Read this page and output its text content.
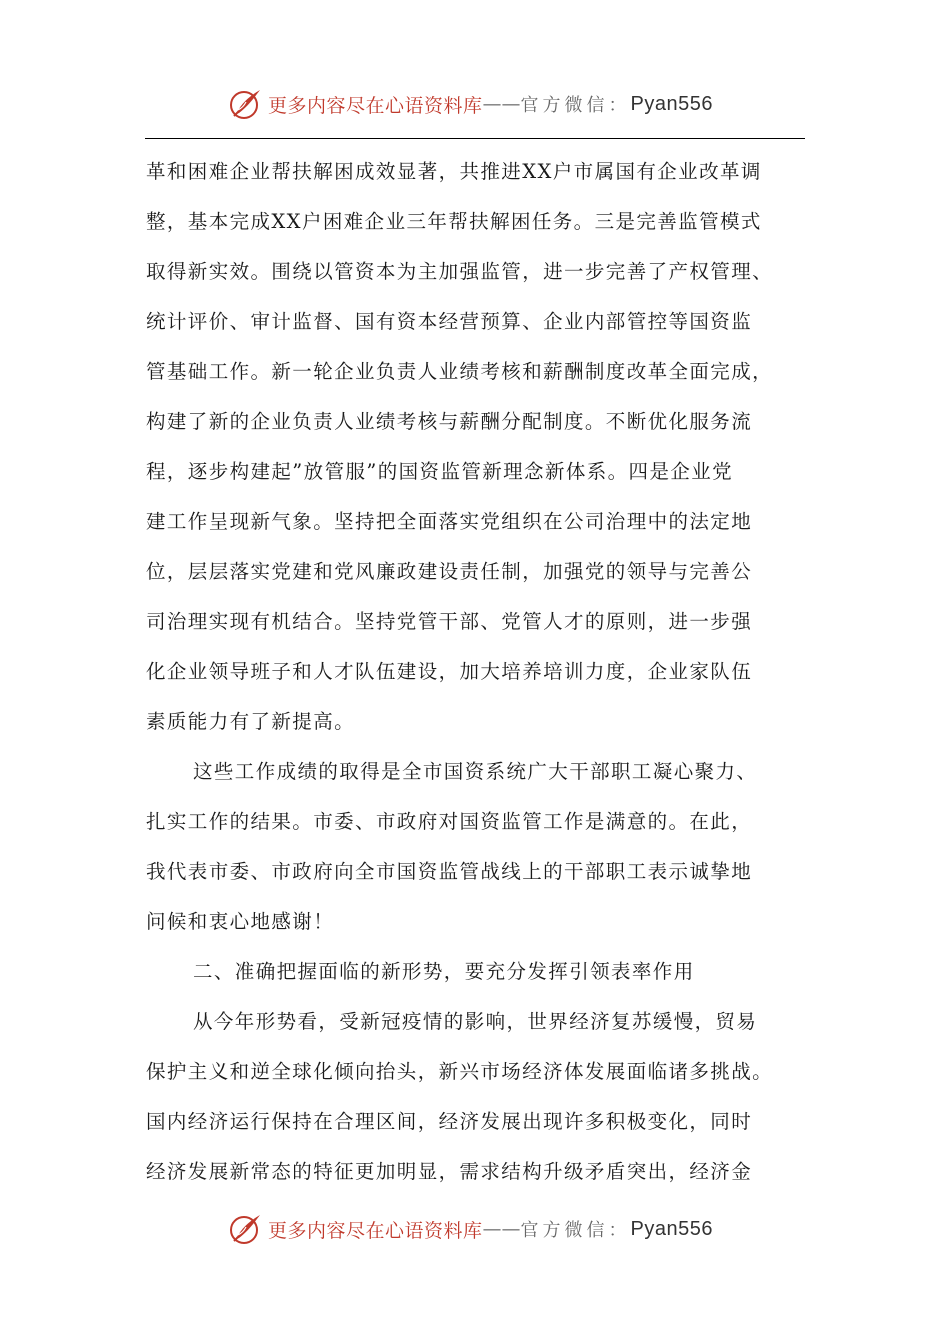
更多内容尽在心语资料库 —— 官方微信： Pyan556
革和困难企业帮扶解困成效显著，共推进XX户市属国有企业改革调
整，基本完成XX户困难企业三年帮扶解困任务。三是完善监管模式
取得新实效。围绕以管资本为主加强监管，进一步完善了产权管理、
统计评价、审计监督、国有资本经营预算、企业内部管控等国资监
管基础工作。新一轮企业负责人业绩考核和薪酬制度改革全面完成，
构建了新的企业负责人业绩考核与薪酬分配制度。不断优化服务流
程，逐步构建起”放管服”的国资监管新理念新体系。四是企业党
建工作呈现新气象。坚持把全面落实党组织在公司治理中的法定地
位，层层落实党建和党风廉政建设责任制，加强党的领导与完善公
司治理实现有机结合。坚持党管干部、党管人才的原则，进一步强
化企业领导班子和人才队伍建设，加大培养培训力度，企业家队伍
素质能力有了新提高。
这些工作成绩的取得是全市国资系统广大干部职工凝心聚力、
扎实工作的结果。市委、市政府对国资监管工作是满意的。在此，
我代表市委、市政府向全市国资监管战线上的干部职工表示诚挚地
问候和衷心地感谢！
二、准确把握面临的新形势，要充分发挥引领表率作用
从今年形势看，受新冠疫情的影响，世界经济复苏缓慢，贸易
保护主义和逆全球化倾向抬头，新兴市场经济体发展面临诸多挑战。
国内经济运行保持在合理区间，经济发展出现许多积极变化，同时
经济发展新常态的特征更加明显，需求结构升级矛盾突出，经济金
更多内容尽在心语资料库 —— 官方微信： Pyan556
